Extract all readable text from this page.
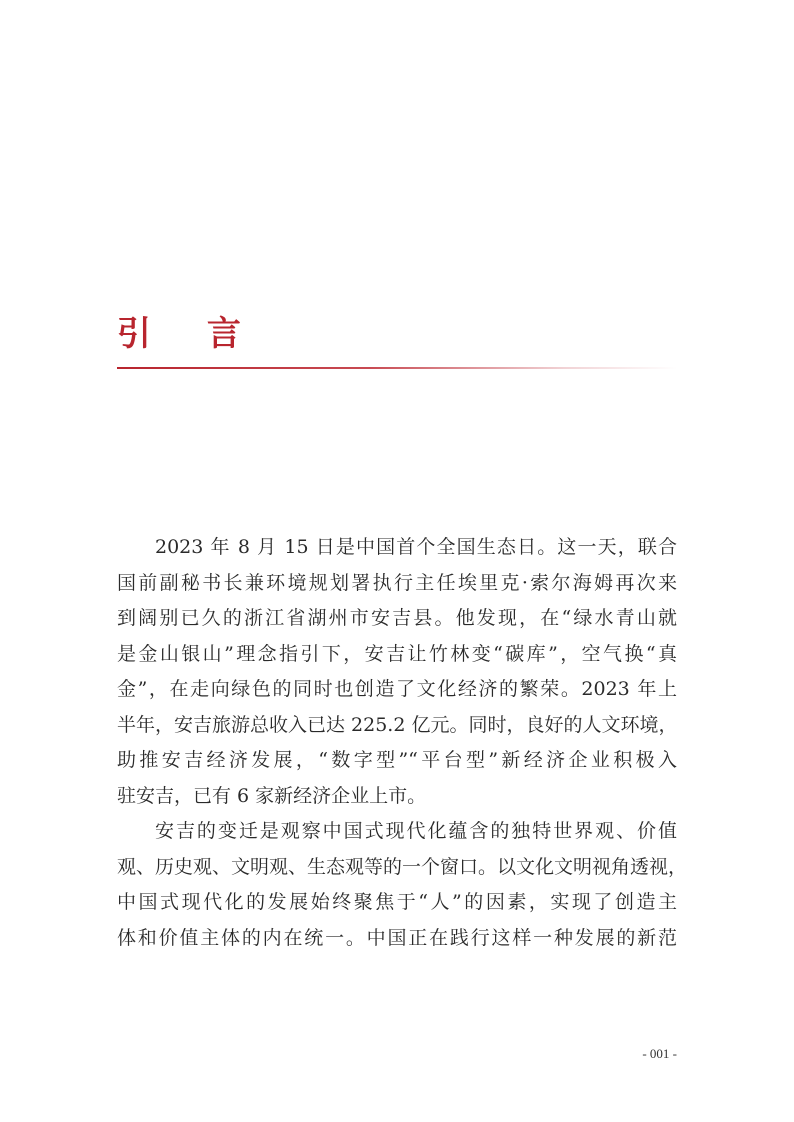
引 言

2023 年 8 月 15 日是中国首个全国生态日。这一天，联合
国前副秘书长兼环境规划署执行主任埃里克·索尔海姆再次来
到阔别已久的浙江省湖州市安吉县。他发现，在“绿水青山就
是金山银山”理念指引下，安吉让竹林变“碳库”，空气换“真
金”，在走向绿色的同时也创造了文化经济的繁荣。2023 年上
半年，安吉旅游总收入已达 225.2 亿元。同时，良好的人文环境，
助推安吉经济发展，“数字型”“平台型”新经济企业积极入
驻安吉，已有 6 家新经济企业上市。

安吉的变迁是观察中国式现代化蕴含的独特世界观、价值
观、历史观、文明观、生态观等的一个窗口。以文化文明视角透视，
中国式现代化的发展始终聚焦于“人”的因素，实现了创造主
体和价值主体的内在统一。中国正在践行这样一种发展的新范

- 001 -
